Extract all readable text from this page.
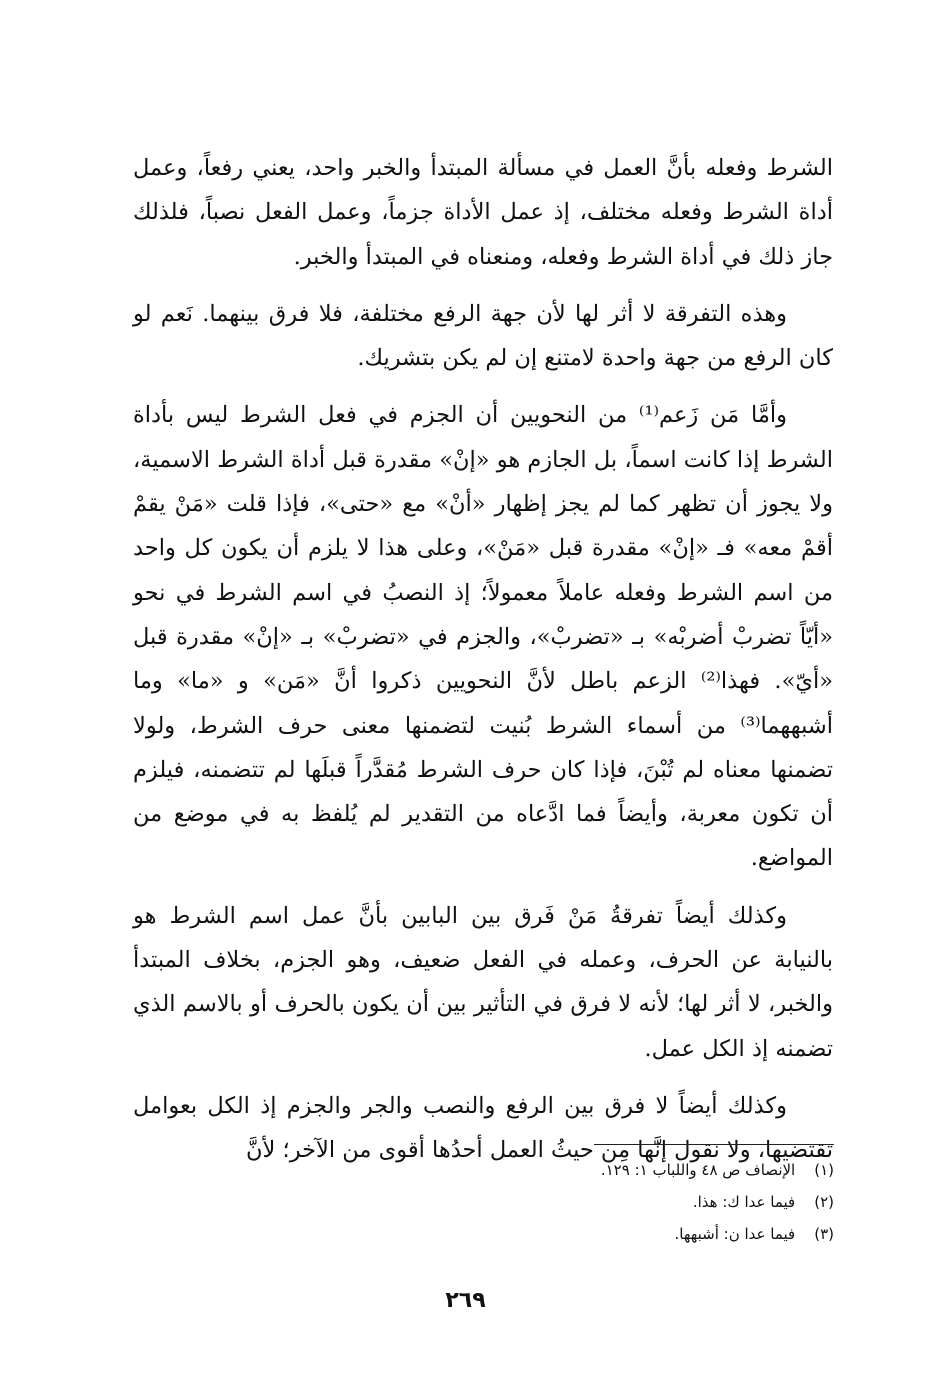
الشرط وفعله بأنَّ العمل في مسألة المبتدأ والخبر واحد، يعني رفعاً، وعمل أداة الشرط وفعله مختلف، إذ عمل الأداة جزماً، وعمل الفعل نصباً، فلذلك جاز ذلك في أداة الشرط وفعله، ومنعناه في المبتدأ والخبر.

وهذه التفرقة لا أثر لها لأن جهة الرفع مختلفة، فلا فرق بينهما. نَعم لو كان الرفع من جهة واحدة لامتنع إن لم يكن بتشريك.

وأمَّا مَن زَعم⁽¹⁾ من النحويين أن الجزم في فعل الشرط ليس بأداة الشرط إذا كانت اسماً، بل الجازم هو «إنْ» مقدرة قبل أداة الشرط الاسمية، ولا يجوز أن تظهر كما لم يجز إظهار «أنْ» مع «حتى»، فإذا قلت «مَنْ يقمْ أقمْ معه» فـ «إنْ» مقدرة قبل «مَنْ»، وعلى هذا لا يلزم أن يكون كل واحد من اسم الشرط وفعله عاملاً معمولاً؛ إذ النصبُ في اسم الشرط في نحو «أيّاً تضربْ أضربْه» بـ «تضربْ»، والجزم في «تضربْ» بـ «إنْ» مقدرة قبل «أيّ». فهذا⁽²⁾ الزعم باطل لأنَّ النحويين ذكروا أنَّ «مَن» و «ما» وما أشبههما⁽³⁾ من أسماء الشرط بُنيت لتضمنها معنى حرف الشرط، ولولا تضمنها معناه لم تُبْنَ، فإذا كان حرف الشرط مُقدَّراً قبلَها لم تتضمنه، فيلزم أن تكون معربة، وأيضاً فما ادَّعاه من التقدير لم يُلفظ به في موضع من المواضع.

وكذلك أيضاً تفرقةُ مَنْ فَرق بين البابين بأنَّ عمل اسم الشرط هو بالنيابة عن الحرف، وعمله في الفعل ضعيف، وهو الجزم، بخلاف المبتدأ والخبر، لا أثر لها؛ لأنه لا فرق في التأثير بين أن يكون بالحرف أو بالاسم الذي تضمنه إذ الكل عمل.

وكذلك أيضاً لا فرق بين الرفع والنصب والجر والجزم إذ الكل بعوامل تقتضيها، ولا نقول إنَّها مِن حيثُ العمل أحدُها أقوى من الآخر؛ لأنَّ

(١) الإنصاف ص ٤٨ واللباب ١: ١٢٩.

(٢) فيما عدا ك: هذا.

(٣) فيما عدا ن: أشبهها.

٢٦٩
